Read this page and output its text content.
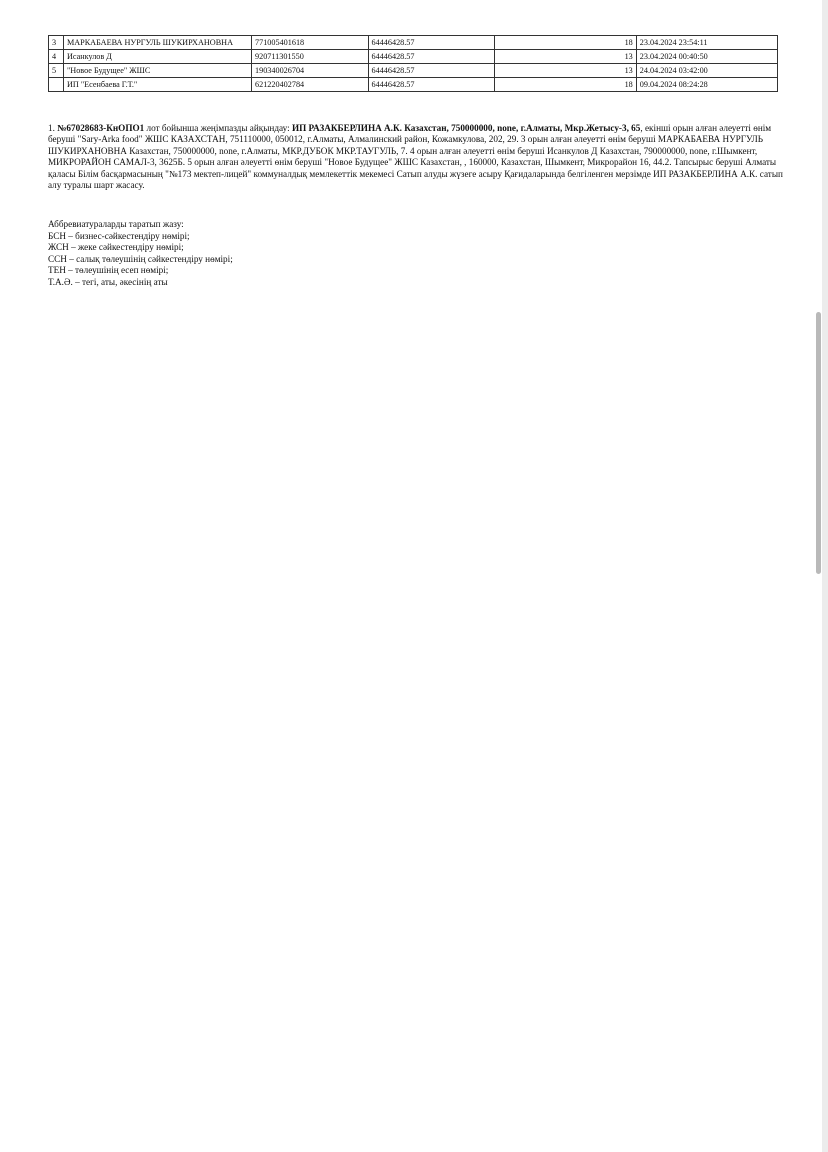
3	МАРКАБАЕВА НУРГУЛЬ ШУКИРХАНОВНА	771005401618	64446428.57	18	23.04.2024 23:54:11
4	Исанкулов Д	920711301550	64446428.57	13	23.04.2024 00:40:50
5	"Новое Будущее" ЖШС	190340026704	64446428.57	13	24.04.2024 03:42:00
	ИП "Есенбаева Г.Т."	621220402784	64446428.57	18	09.04.2024 08:24:28

1. №67028683-КнОПО1 лот бойынша жеңімпазды айқындау: ИП РАЗАКБЕРЛИНА А.К. Казахстан, 750000000, none, г.Алматы, Мкр.Жетысу-3, 65, екінші орын алған әлеуетті өнім беруші "Sary-Arka food" ЖШС КАЗАХСТАН, 751110000, 050012, г.Алматы, Алмалинский район, Кожамкулова, 202, 29. 3 орын алған әлеуетті өнім беруші МАРКАБАЕВА НУРГУЛЬ ШУКИРХАНОВНА Казахстан, 750000000, none, г.Алматы, МКР.ДУБОК МКР.ТАУГУЛЬ, 7. 4 орын алған әлеуетті өнім беруші Исанкулов Д Казахстан, 790000000, none, г.Шымкент, МИКРОРАЙОН САМАЛ-3, 3625Б. 5 орын алған әлеуетті өнім беруші "Новое Будущее" ЖШС Казахстан, , 160000, Казахстан, Шымкент, Микрорайон 16, 44.2. Тапсырыс беруші Алматы қаласы Білім басқармасының "№173 мектеп-лицей" коммуналдық мемлекеттік мекемесі Сатып алуды жүзеге асыру Қағидаларында белгіленген мерзімде ИП РАЗАКБЕРЛИНА А.К. сатып алу туралы шарт жасасу.

Аббревиатураларды таратып жазу:
БСН – бизнес-сәйкестендіру нөмірі;
ЖСН – жеке сәйкестендіру нөмірі;
ССН – салық төлеушінің сәйкестендіру нөмірі;
ТЕН – төлеушінің есеп нөмірі;
Т.А.Ә. – тегі, аты, әкесінің аты
